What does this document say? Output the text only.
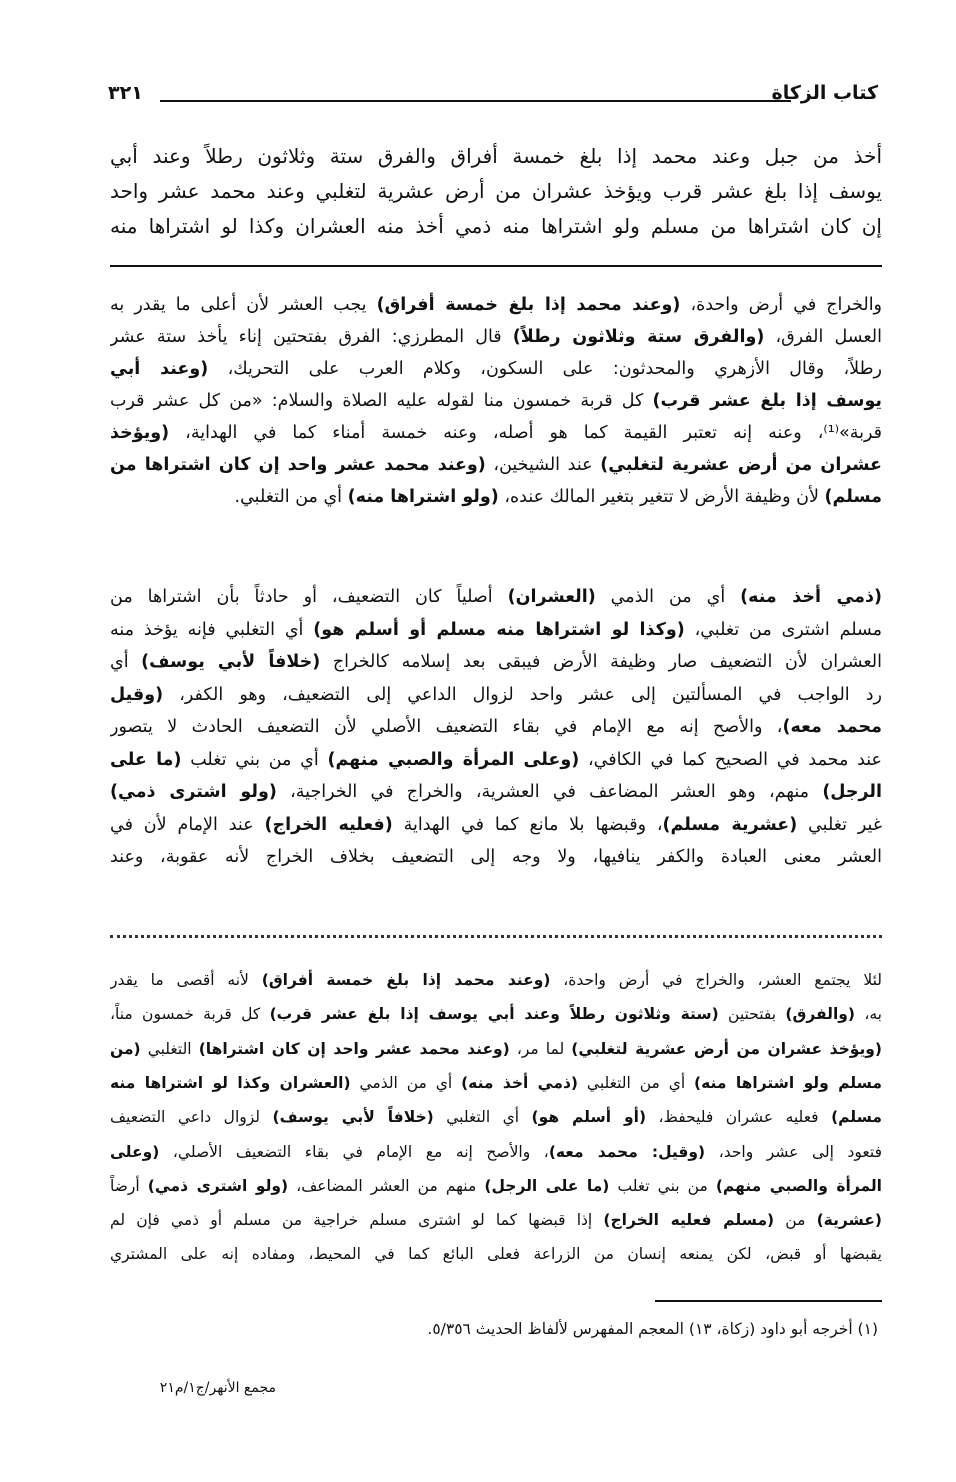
كتاب الزكاة
٣٢١
أخذ من جبل وعند محمد إذا بلغ خمسة أفراق والفرق ستة وثلاثون رطلاً وعند أبي
يوسف إذا بلغ عشر قرب ويؤخذ عشران من أرض عشرية لتغلبي وعند محمد عشر واحد
إن كان اشتراها من مسلم ولو اشتراها منه ذمي أخذ منه العشران وكذا لو اشتراها منه
والخراج في أرض واحدة، (وعند محمد إذا بلغ خمسة أفراق) يجب العشر لأن أعلى ما يقدر به
العسل الفرق، (والفرق ستة وثلاثون رطلاً) قال المطرزي: الفرق بفتحتين إناء يأخذ ستة عشر
رطلاً، وقال الأزهري والمحدثون: على السكون، وكلام العرب على التحريك، (وعند أبي
يوسف إذا بلغ عشر قرب) كل قربة خمسون منا لقوله عليه الصلاة والسلام: «من كل عشر قرب
قربة»⁽¹⁾، وعنه إنه تعتبر القيمة كما هو أصله، وعنه خمسة أمناء كما في الهداية، (ويؤخذ
عشران من أرض عشرية لتغلبي) عند الشيخين، (وعند محمد عشر واحد إن كان اشتراها من
مسلم) لأن وظيفة الأرض لا تتغير بتغير المالك عنده، (ولو اشتراها منه) أي من التغلبي.
(ذمي أخذ منه) أي من الذمي (العشران) أصلياً كان التضعيف، أو حادثاً بأن اشتراها من
مسلم اشترى من تغلبي، (وكذا لو اشتراها منه مسلم أو أسلم هو) أي التغلبي فإنه يؤخذ منه
العشران لأن التضعيف صار وظيفة الأرض فيبقى بعد إسلامه كالخراج (خلافاً لأبي يوسف) أي
رد الواجب في المسألتين إلى عشر واحد لزوال الداعي إلى التضعيف، وهو الكفر، (وقيل
محمد معه)، والأصح إنه مع الإمام في بقاء التضعيف الأصلي لأن التضعيف الحادث لا يتصور
عند محمد في الصحيح كما في الكافي، (وعلى المرأة والصبي منهم) أي من بني تغلب (ما على
الرجل) منهم، وهو العشر المضاعف في العشرية، والخراج في الخراجية، (ولو اشترى ذمي)
غير تغلبي (عشرية مسلم)، وقبضها بلا مانع كما في الهداية (فعليه الخراج) عند الإمام لأن في
العشر معنى العبادة والكفر ينافيها، ولا وجه إلى التضعيف بخلاف الخراج لأنه عقوبة، وعند
لئلا يجتمع العشر، والخراج في أرض واحدة، (وعند محمد إذا بلغ خمسة أفراق) لأنه أقصى ما يقدر
به، (والفرق) بفتحتين (ستة وثلاثون رطلاً وعند أبي يوسف إذا بلغ عشر قرب) كل قربة خمسون مناً،
(ويؤخذ عشران من أرض عشرية لتغلبي) لما مر، (وعند محمد عشر واحد إن كان اشتراها) التغلبي (من
مسلم ولو اشتراها منه) أي من التغلبي (ذمي أخذ منه) أي من الذمي (العشران وكذا لو اشتراها منه
مسلم) فعليه عشران فليحفظ، (أو أسلم هو) أي التغلبي (خلافاً لأبي يوسف) لزوال داعي التضعيف
فتعود إلى عشر واحد، (وقيل: محمد معه)، والأصح إنه مع الإمام في بقاء التضعيف الأصلي، (وعلى
المرأة والصبي منهم) من بني تغلب (ما على الرجل) منهم من العشر المضاعف، (ولو اشترى ذمي) أرضاً
(عشرية) من (مسلم فعليه الخراج) إذا قبضها كما لو اشترى مسلم خراجية من مسلم أو ذمي فإن لم
يقبضها أو قبض، لكن يمنعه إنسان من الزراعة فعلى البائع كما في المحيط، ومفاده إنه على المشتري
(١) أخرجه أبو داود (زكاة، ١٣) المعجم المفهرس لألفاظ الحديث ٥/٣٥٦.
مجمع الأنهر/ج١/م٢١
